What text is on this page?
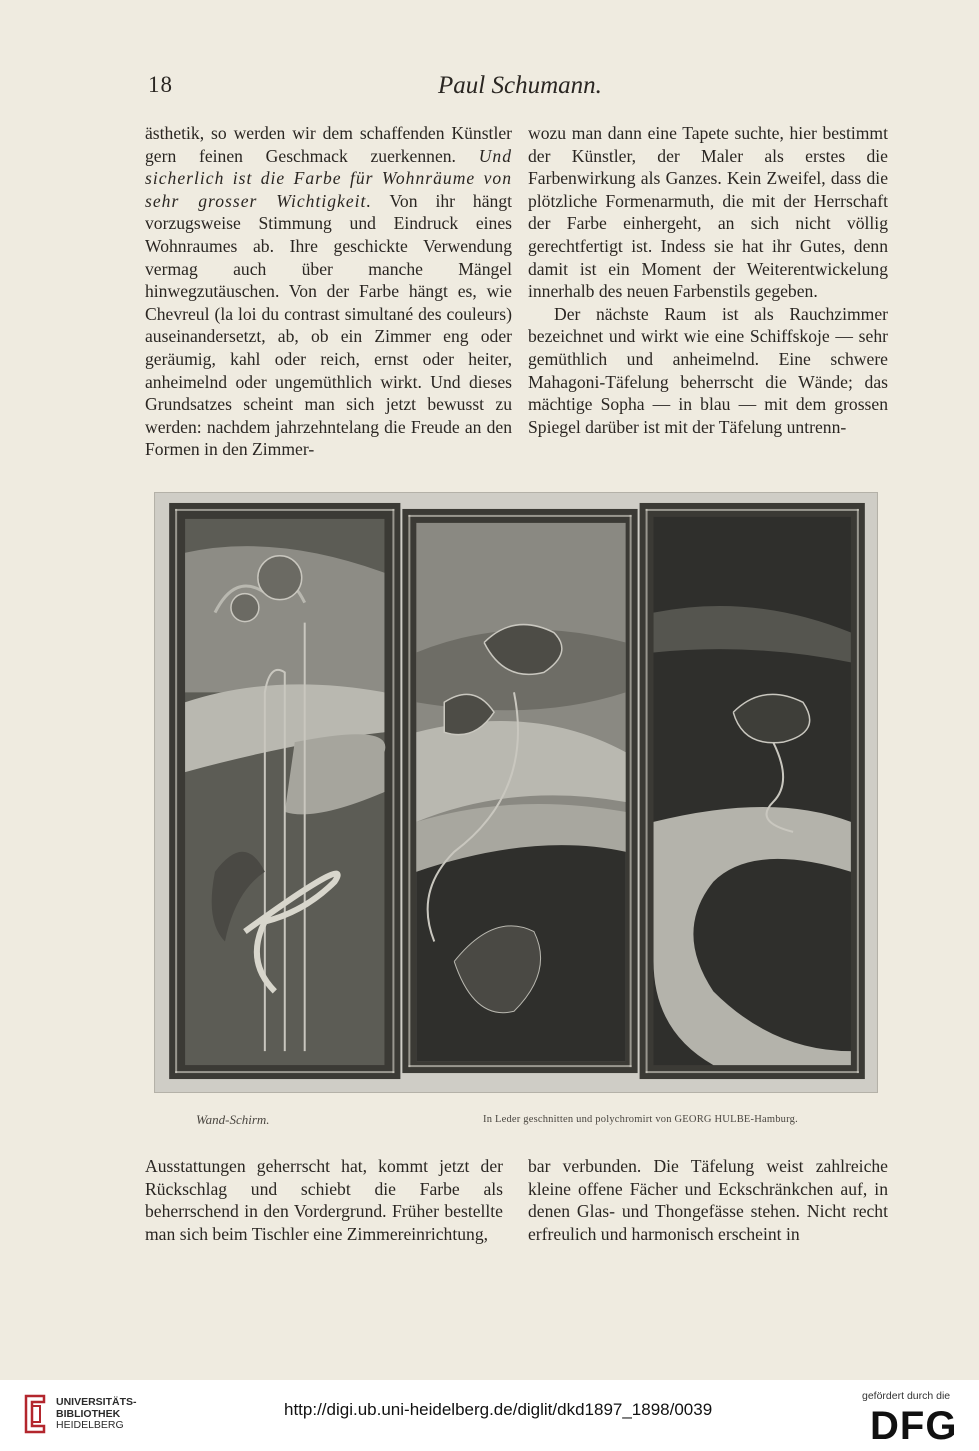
18	Paul Schumann.

ästhetik, so werden wir dem schaffenden Künstler gern feinen Geschmack zuerkennen. Und sicherlich ist die Farbe für Wohnräume von sehr grosser Wichtigkeit. Von ihr hängt vorzugsweise Stimmung und Eindruck eines Wohnraumes ab. Ihre geschickte Verwendung vermag auch über manche Mängel hinwegzutäuschen. Von der Farbe hängt es, wie Chevreul (la loi du contrast simultané des couleurs) auseinandersetzt, ab, ob ein Zimmer eng oder geräumig, kahl oder reich, ernst oder heiter, anheimelnd oder ungemüthlich wirkt. Und dieses Grundsatzes scheint man sich jetzt bewusst zu werden: nachdem jahrzehntelang die Freude an den Formen in den Zimmer-

wozu man dann eine Tapete suchte, hier bestimmt der Künstler, der Maler als erstes die Farbenwirkung als Ganzes. Kein Zweifel, dass die plötzliche Formenarmuth, die mit der Herrschaft der Farbe einhergeht, an sich nicht völlig gerechtfertigt ist. Indess sie hat ihr Gutes, denn damit ist ein Moment der Weiterentwickelung innerhalb des neuen Farbenstils gegeben.

Der nächste Raum ist als Rauchzimmer bezeichnet und wirkt wie eine Schiffskoje — sehr gemüthlich und anheimelnd. Eine schwere Mahagoni-Täfelung beherrscht die Wände; das mächtige Sopha — in blau — mit dem grossen Spiegel darüber ist mit der Täfelung untrenn-

Wand-Schirm.	In Leder geschnitten und polychromirt von GEORG HULBE-Hamburg.

Ausstattungen geherrscht hat, kommt jetzt der Rückschlag und schiebt die Farbe als beherrschend in den Vordergrund. Früher bestellte man sich beim Tischler eine Zimmereinrichtung,

bar verbunden. Die Täfelung weist zahlreiche kleine offene Fächer und Eckschränkchen auf, in denen Glas- und Thongefässe stehen. Nicht recht erfreulich und harmonisch erscheint in

UNIVERSITÄTS-
BIBLIOTHEK
HEIDELBERG
http://digi.ub.uni-heidelberg.de/diglit/dkd1897_1898/0039
gefördert durch die
DFG
